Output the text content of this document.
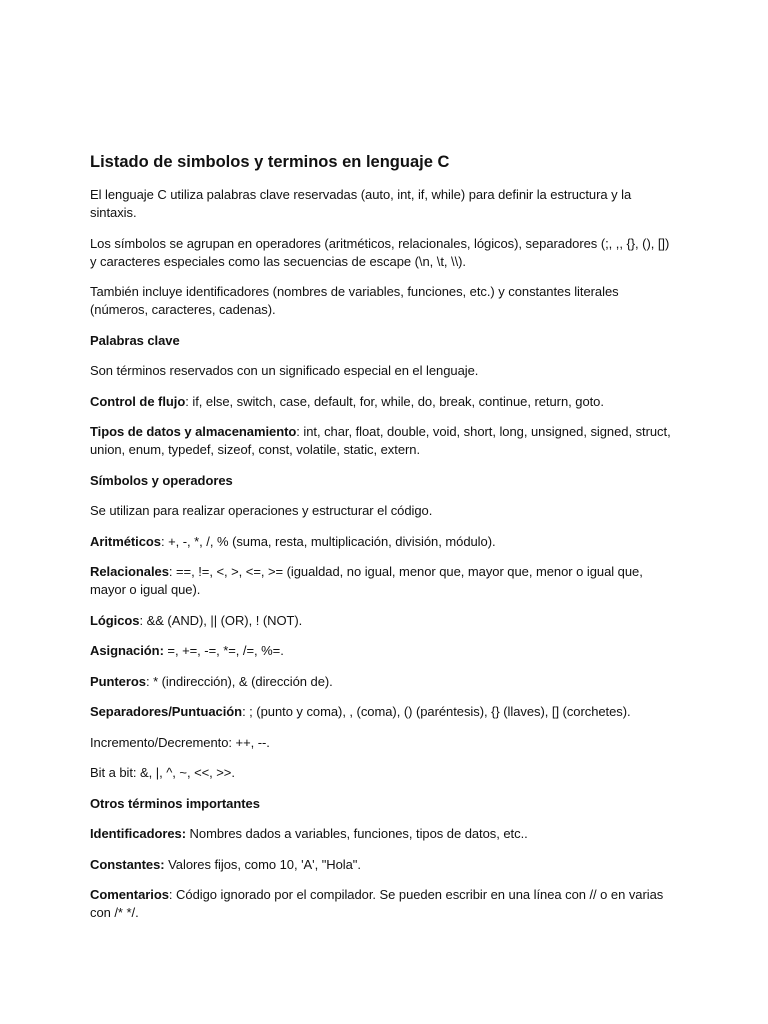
Listado de simbolos y terminos en lenguaje C

El lenguaje C utiliza palabras clave reservadas (auto, int, if, while) para definir la estructura y la sintaxis.

Los símbolos se agrupan en operadores (aritméticos, relacionales, lógicos), separadores (;, ,, {}, (), []) y caracteres especiales como las secuencias de escape (\n, \t, \\).

También incluye identificadores (nombres de variables, funciones, etc.) y constantes literales (números, caracteres, cadenas).

Palabras clave

Son términos reservados con un significado especial en el lenguaje.

Control de flujo: if, else, switch, case, default, for, while, do, break, continue, return, goto.

Tipos de datos y almacenamiento: int, char, float, double, void, short, long, unsigned, signed, struct, union, enum, typedef, sizeof, const, volatile, static, extern.

Símbolos y operadores

Se utilizan para realizar operaciones y estructurar el código.

Aritméticos: +, -, *, /, % (suma, resta, multiplicación, división, módulo).

Relacionales: ==, !=, <, >, <=, >= (igualdad, no igual, menor que, mayor que, menor o igual que, mayor o igual que).

Lógicos: && (AND), || (OR), ! (NOT).

Asignación: =, +=, -=, *=, /=, %=.

Punteros: * (indirección), & (dirección de).

Separadores/Puntuación: ; (punto y coma), , (coma), () (paréntesis), {} (llaves), [] (corchetes).

Incremento/Decremento: ++, --.

Bit a bit: &, |, ^, ~, <<, >>.

Otros términos importantes

Identificadores: Nombres dados a variables, funciones, tipos de datos, etc..

Constantes: Valores fijos, como 10, 'A', "Hola".

Comentarios: Código ignorado por el compilador. Se pueden escribir en una línea con // o en varias con /* */.
